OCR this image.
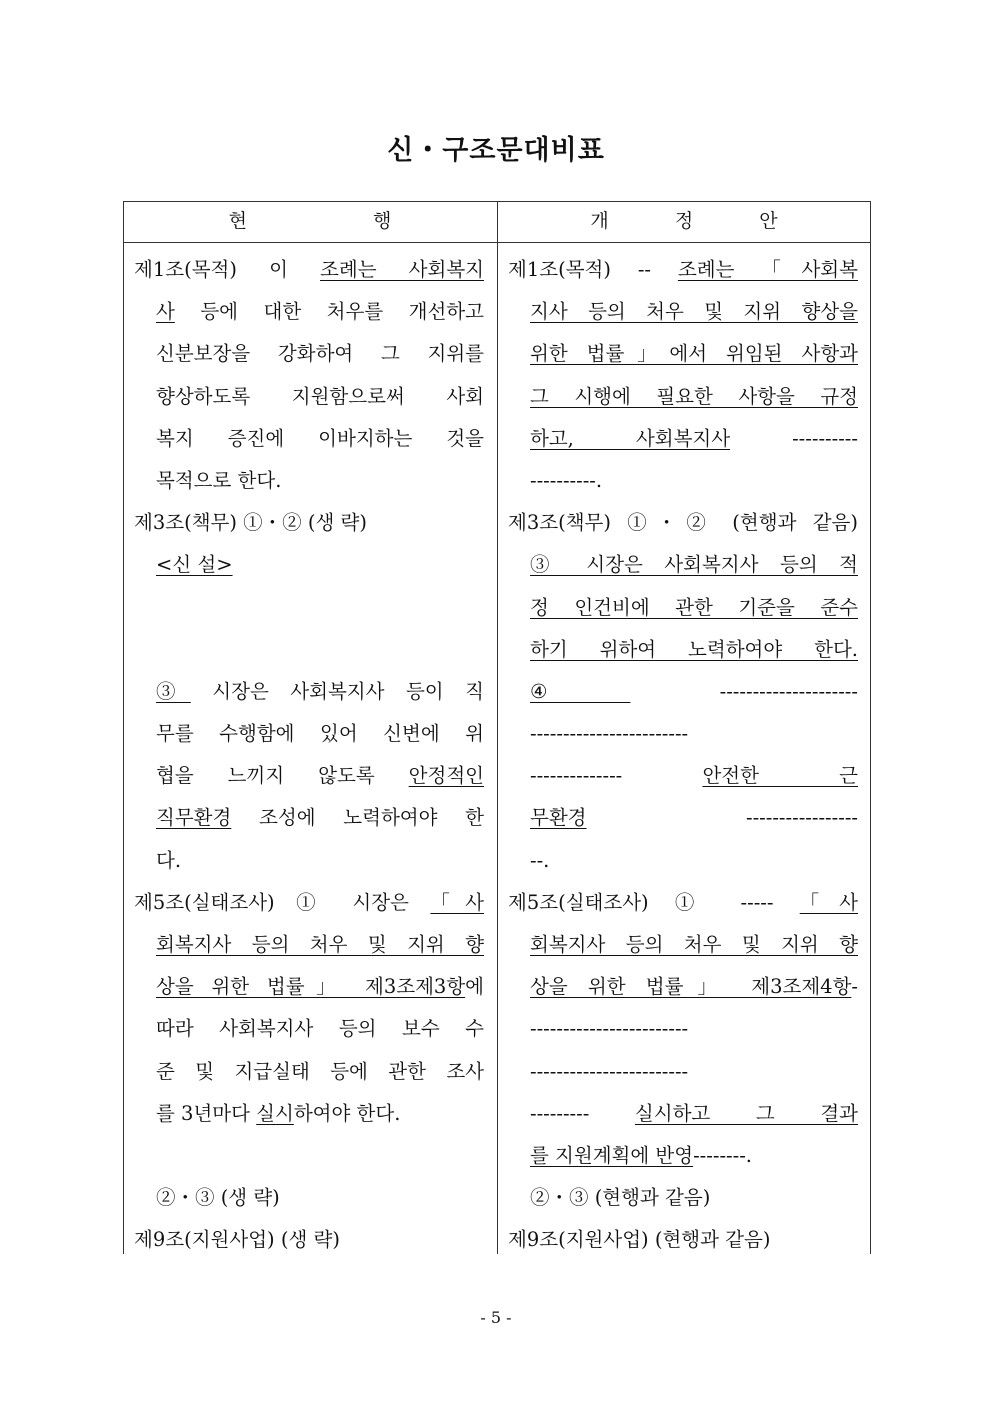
신・구조문대비표
현 행	개 정 안
제1조(목적) 이 조례는 사회복지
사 등에 대한 처우를 개선하고
신분보장을 강화하여 그 지위를
향상하도록 지원함으로써 사회
복지 증진에 이바지하는 것을
목적으로 한다.
제3조(책무) ①・② (생 략)
<신 설>
③ 시장은 사회복지사 등이 직
무를 수행함에 있어 신변에 위
협을 느끼지 않도록 안정적인
직무환경 조성에 노력하여야 한
다.
제5조(실태조사) ① 시장은 「사
회복지사 등의 처우 및 지위 향
상을 위한 법률」 제3조제3항에
따라 사회복지사 등의 보수 수
준 및 지급실태 등에 관한 조사
를 3년마다 실시하여야 한다.
②・③ (생 략)
제9조(지원사업) (생 략)
제1조(목적) -- 조례는 「사회복
지사 등의 처우 및 지위 향상을
위한 법률」에서 위임된 사항과
그 시행에 필요한 사항을 규정
하고, 사회복지사 ----------
----------.
제3조(책무) ①・② (현행과 같음)
③ 시장은 사회복지사 등의 적
정 인건비에 관한 기준을 준수
하기 위하여 노력하여야 한다.
④ ---------------------
------------------------
-------------- 안전한 근
무환경 -----------------
--.
제5조(실태조사) ① ----- 「사
회복지사 등의 처우 및 지위 향
상을 위한 법률」 제3조제4항-
------------------------
------------------------
--------- 실시하고 그 결과
를 지원계획에 반영--------.
②・③ (현행과 같음)
제9조(지원사업) (현행과 같음)
- 5 -
